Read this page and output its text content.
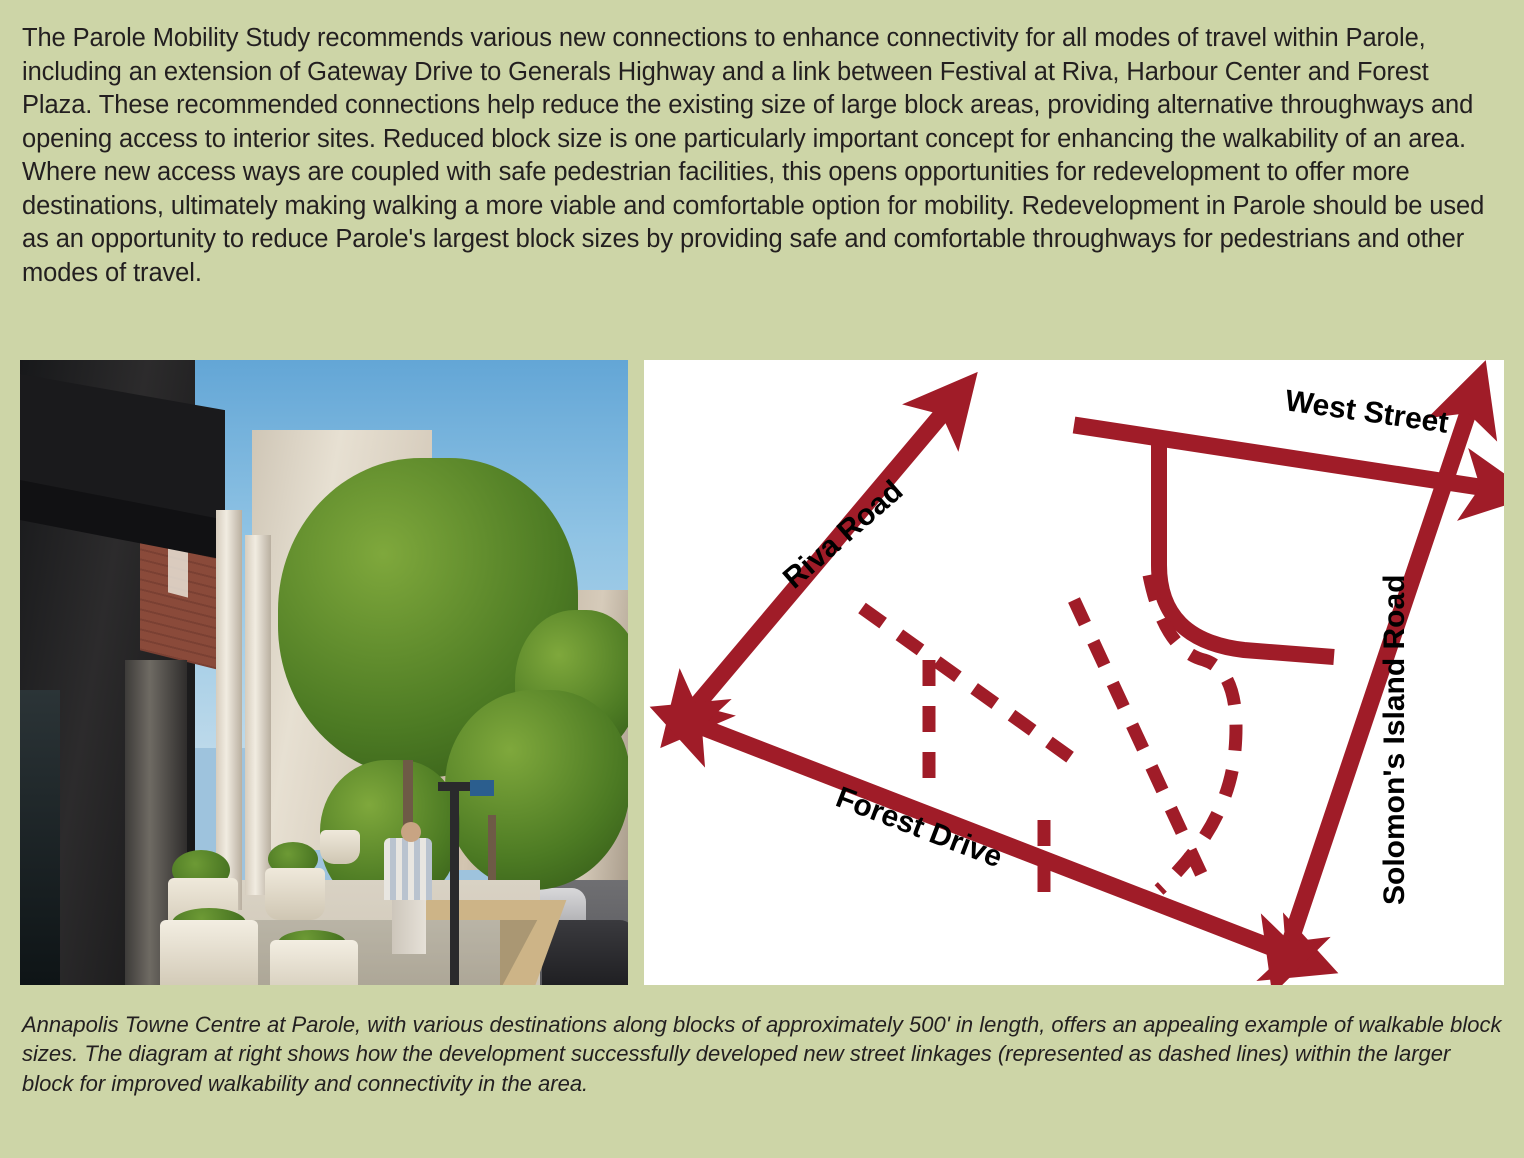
The Parole Mobility Study recommends various new connections to enhance connectivity for all modes of travel within Parole, including an extension of Gateway Drive to Generals Highway and a link between Festival at Riva, Harbour Center and Forest Plaza. These recommended connections help reduce the existing size of large block areas, providing alternative throughways and opening access to interior sites. Reduced block size is one particularly important concept for enhancing the walkability of an area. Where new access ways are coupled with safe pedestrian facilities, this opens opportunities for redevelopment to offer more destinations, ultimately making walking a more viable and comfortable option for mobility. Redevelopment in Parole should be used as an opportunity to reduce Parole's largest block sizes by providing safe and comfortable throughways for pedestrians and other modes of travel.
West Street
Riva Road
Forest Drive	Solomon's Island Road
Annapolis Towne Centre at Parole, with various destinations along blocks of approximately 500' in length, offers an appealing example of walkable block sizes. The diagram at right shows how the development successfully developed new street linkages (represented as dashed lines) within the larger block for improved walkability and connectivity in the area.
